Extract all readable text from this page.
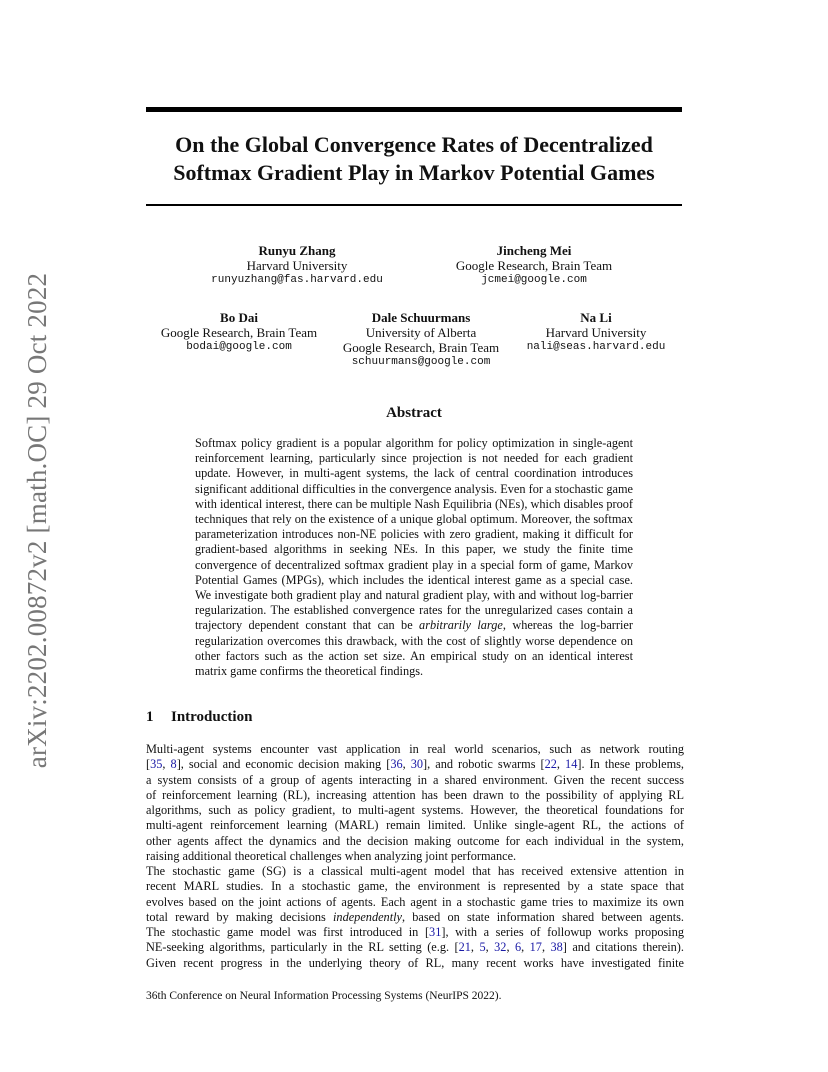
arXiv:2202.00872v2 [math.OC] 29 Oct 2022
On the Global Convergence Rates of Decentralized
Softmax Gradient Play in Markov Potential Games
Runyu Zhang
Harvard University
runyuzhang@fas.harvard.edu
Jincheng Mei
Google Research, Brain Team
jcmei@google.com
Bo Dai
Google Research, Brain Team
bodai@google.com
Dale Schuurmans
University of Alberta
Google Research, Brain Team
schuurmans@google.com
Na Li
Harvard University
nali@seas.harvard.edu
Abstract

Softmax policy gradient is a popular algorithm for policy optimization in single-agent reinforcement learning, particularly since projection is not needed for each gradient update. However, in multi-agent systems, the lack of central coordination introduces significant additional difficulties in the convergence analysis. Even for a stochastic game with identical interest, there can be multiple Nash Equilibria (NEs), which disables proof techniques that rely on the existence of a unique global optimum. Moreover, the softmax parameterization introduces non-NE policies with zero gradient, making it difficult for gradient-based algorithms in seeking NEs. In this paper, we study the finite time convergence of decentralized softmax gradient play in a special form of game, Markov Potential Games (MPGs), which includes the identical interest game as a special case. We investigate both gradient play and natural gradient play, with and without log-barrier regularization. The established convergence rates for the unregularized cases contain a trajectory dependent constant that can be arbitrarily large, whereas the log-barrier regularization overcomes this drawback, with the cost of slightly worse dependence on other factors such as the action set size. An empirical study on an identical interest matrix game confirms the theoretical findings.

1 Introduction

Multi-agent systems encounter vast application in real world scenarios, such as network routing
[35, 8], social and economic decision making [36, 30], and robotic swarms [22, 14]. In these problems,
a system consists of a group of agents interacting in a shared environment. Given the recent success
of reinforcement learning (RL), increasing attention has been drawn to the possibility of applying RL
algorithms, such as policy gradient, to multi-agent systems. However, the theoretical foundations for
multi-agent reinforcement learning (MARL) remain limited. Unlike single-agent RL, the actions of
other agents affect the dynamics and the decision making outcome for each individual in the system,
raising additional theoretical challenges when analyzing joint performance.

The stochastic game (SG) is a classical multi-agent model that has received extensive attention in
recent MARL studies. In a stochastic game, the environment is represented by a state space that
evolves based on the joint actions of agents. Each agent in a stochastic game tries to maximize its own
total reward by making decisions independently, based on state information shared between agents.
The stochastic game model was first introduced in [31], with a series of followup works proposing
NE-seeking algorithms, particularly in the RL setting (e.g. [21, 5, 32, 6, 17, 38] and citations therein).
Given recent progress in the underlying theory of RL, many recent works have investigated finite

36th Conference on Neural Information Processing Systems (NeurIPS 2022).
